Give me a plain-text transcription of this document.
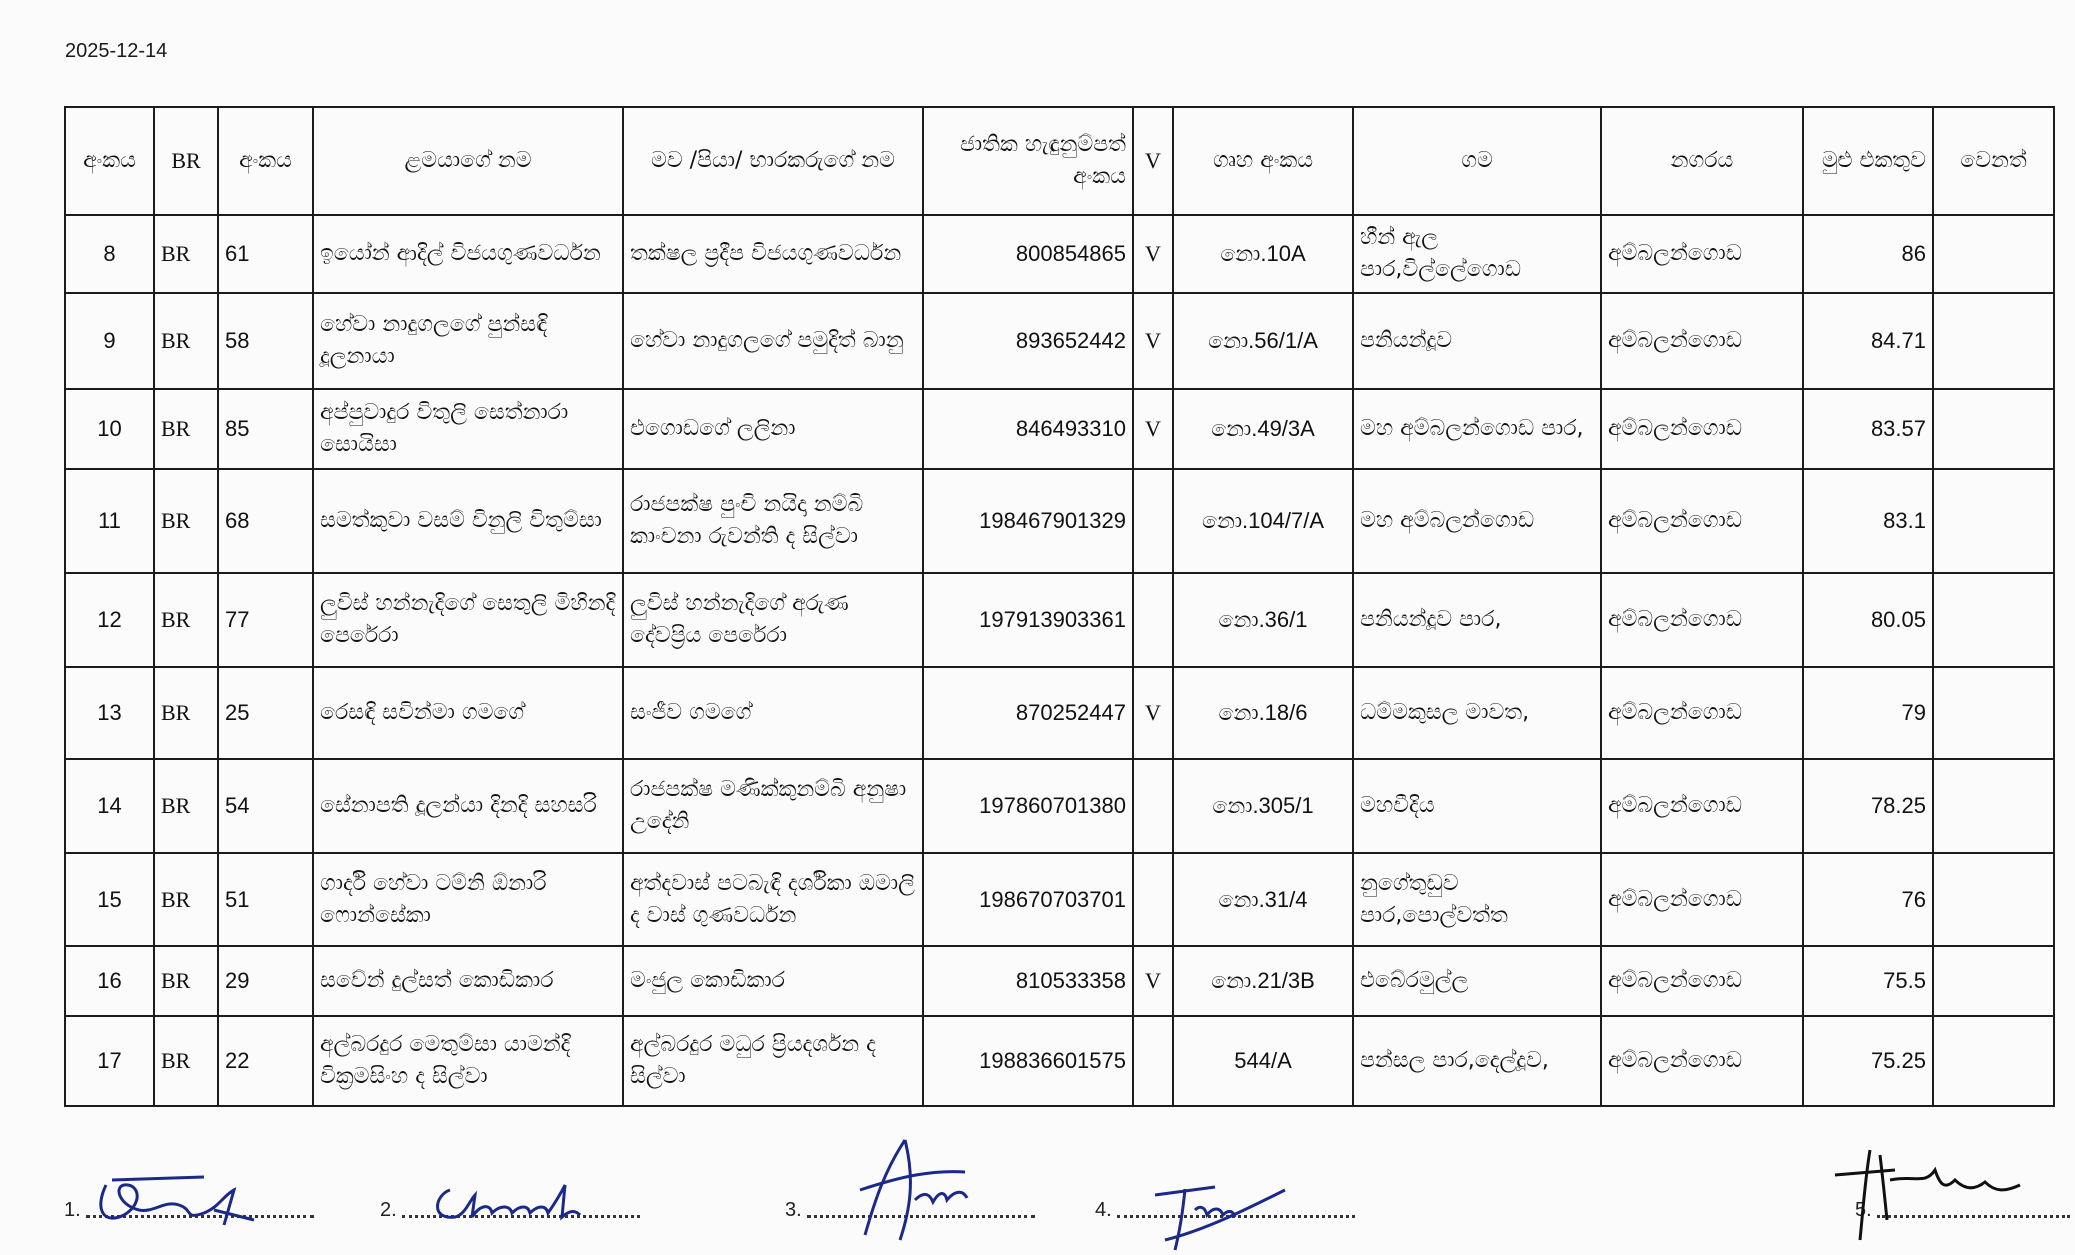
2025-12-14
අංකය	BR	අංකය	ළමයාගේ නම	මව /පියා/ භාරකරුගේ නම	ජාතික හැඳුනුම්පත් අංකය	V	ගෘහ අංකය	ගම	නගරය	මුළු එකතුව	වෙනත්
8	BR	61	ඉයෝන් ආදිල් විජයගුණවර්ධන	තක්ෂල ප්‍රදීප විජයගුණවර්ධන	800854865	V	නො.10A	හීන් ඇල පාර,විල්ලේගොඩ	අම්බලන්ගොඩ	86	
9	BR	58	හේවා නාදුගලගේ පුන්සඳි දූලනායා	හේවා නාදුගලගේ පමුදිත් බානු	893652442	V	නො.56/1/A	පනියන්දූව	අම්බලන්ගොඩ	84.71	
10	BR	85	අප්පුවාදුර විතුලි සෙත්නාරා සොයිසා	එගොඩගේ ලලිනා	846493310	V	නො.49/3A	මහ අම්බලන්ගොඩ පාර,	අම්බලන්ගොඩ	83.57	
11	BR	68	සමත්කුවා වසම් විනුලි විතුම්සා	රාජපක්ෂ පුංචි නයිදා නම්බි කාංචනා රුවන්ති ද සිල්වා	198467901329		නො.104/7/A	මහ අම්බලන්ගොඩ	අම්බලන්ගොඩ	83.1	
12	BR	77	ලුවිස් හන්නැදිගේ සෙතුලි මිහිනදි පෙරේරා	ලුවිස් හන්නැදිගේ අරුණ දේවප්‍රිය පෙරේරා	197913903361		නො.36/1	පනියන්දූව පාර,	අම්බලන්ගොඩ	80.05	
13	BR	25	රෙසඳි සවින්මා ගමගේ	සංජීව ගමගේ	870252447	V	නො.18/6	ධම්මකුසල මාවත,	අම්බලන්ගොඩ	79	
14	BR	54	සේනාපති දූලන්යා දිනදි සහසරි	රාජපක්ෂ මණික්කුනම්බි අනුෂා උදේනි	197860701380		නො.305/1	මහවීදිය	අම්බලන්ගොඩ	78.25	
15	BR	51	ගාර්දි හේවා ටම්නි ඕනාරි ෆොන්සේකා	අත්දවාස් පටබැඳි දර්ශිකා ඔමාලි ද වාස් ගුණවර්ධන	198670703701		නො.31/4	නුගේතුඩුව පාර,පොල්වත්ත	අම්බලන්ගොඩ	76	
16	BR	29	සවේන් දුල්සත් කොඩිකාර	මංජුල කොඩිකාර	810533358	V	නො.21/3B	එබේරමුල්ල	අම්බලන්ගොඩ	75.5	
17	BR	22	අල්බරදුර මෙතුම්සා යාමන්දි වික්‍රමසිංහ ද සිල්වා	අල්බරදුර මධුර ප්‍රියදර්ශන ද සිල්වා	198836601575		544/A	පන්සල පාර,දෙල්දූව,	අම්බලන්ගොඩ	75.25	
1.	2.	3.	4.	5.
